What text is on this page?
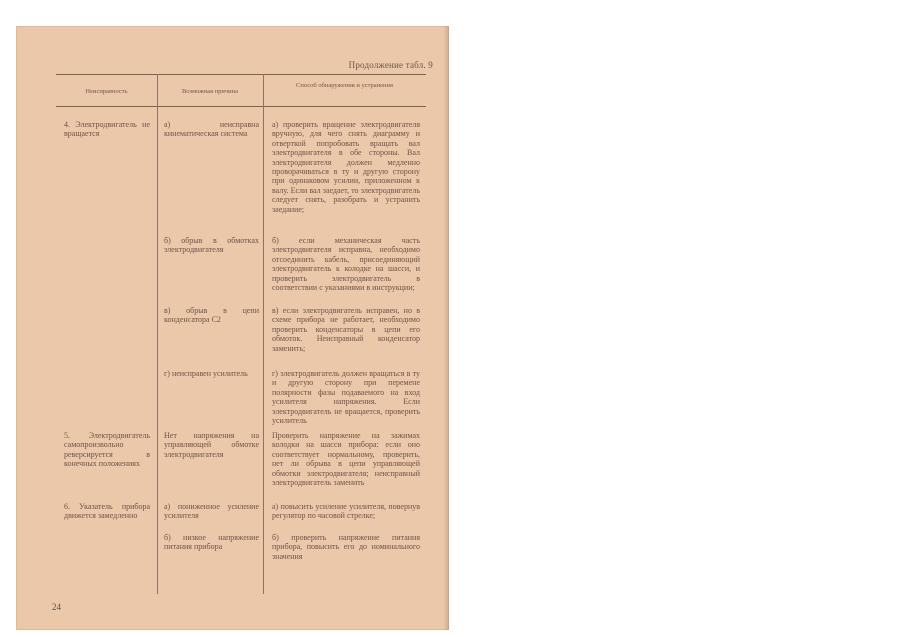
Продолжение табл. 9
Неисправность	Возможная причина
Способ обнаружения и устранения
4. Электродвигатель не вращается
а) неисправна кинематическая система
а) проверить вращение электродвигателя вручную, для чего снять диаграмму и отверткой попробовать вращать вал электродвигателя в обе стороны. Вал электродвигателя должен медленно проворачиваться в ту и другую сторону при одинаковом усилии, приложенном к валу. Если вал заедает, то электродвигатель следует снять, разобрать и устранить заедание;
б) обрыв в обмотках электродвигателя
б) если механическая часть электродвигателя исправна, необходимо отсоединить кабель, присоединяющий электродвигатель к колодке на шасси, и проверить электродвигатель в соответствии с указаниями в инструкции;
в) обрыв в цепи конденсатора С2
в) если электродвигатель исправен, но в схеме прибора не работает, необходимо проверить конденсаторы в цепи его обмоток. Неисправный конденсатор заменить;
г) неисправен усилитель	г) электродвигатель должен вращаться в ту и другую сторону при перемене полярности фазы подаваемого на вход усилителя напряжения. Если электродвигатель не вращается, проверить усилитель
5. Электродвигатель самопроизвольно реверсируется в конечных положениях
Нет напряжения на управляющей обмотке электродвигателя
Проверить напряжение на зажимах колодки на шасси прибора: если оно соответствует нормальному, проверить, нет ли обрыва в цепи управляющей обмотки электродвигателя; неисправный электродвигатель заменить
6. Указатель прибора движется замедленно
а) пониженное усиление усилителя
а) повысить усиление усилителя, повернув регулятор по часовой стрелке;
б) низкое напряжение питания прибора
б) проверить напряжение питания прибора, повысить его до номинального значения
24
